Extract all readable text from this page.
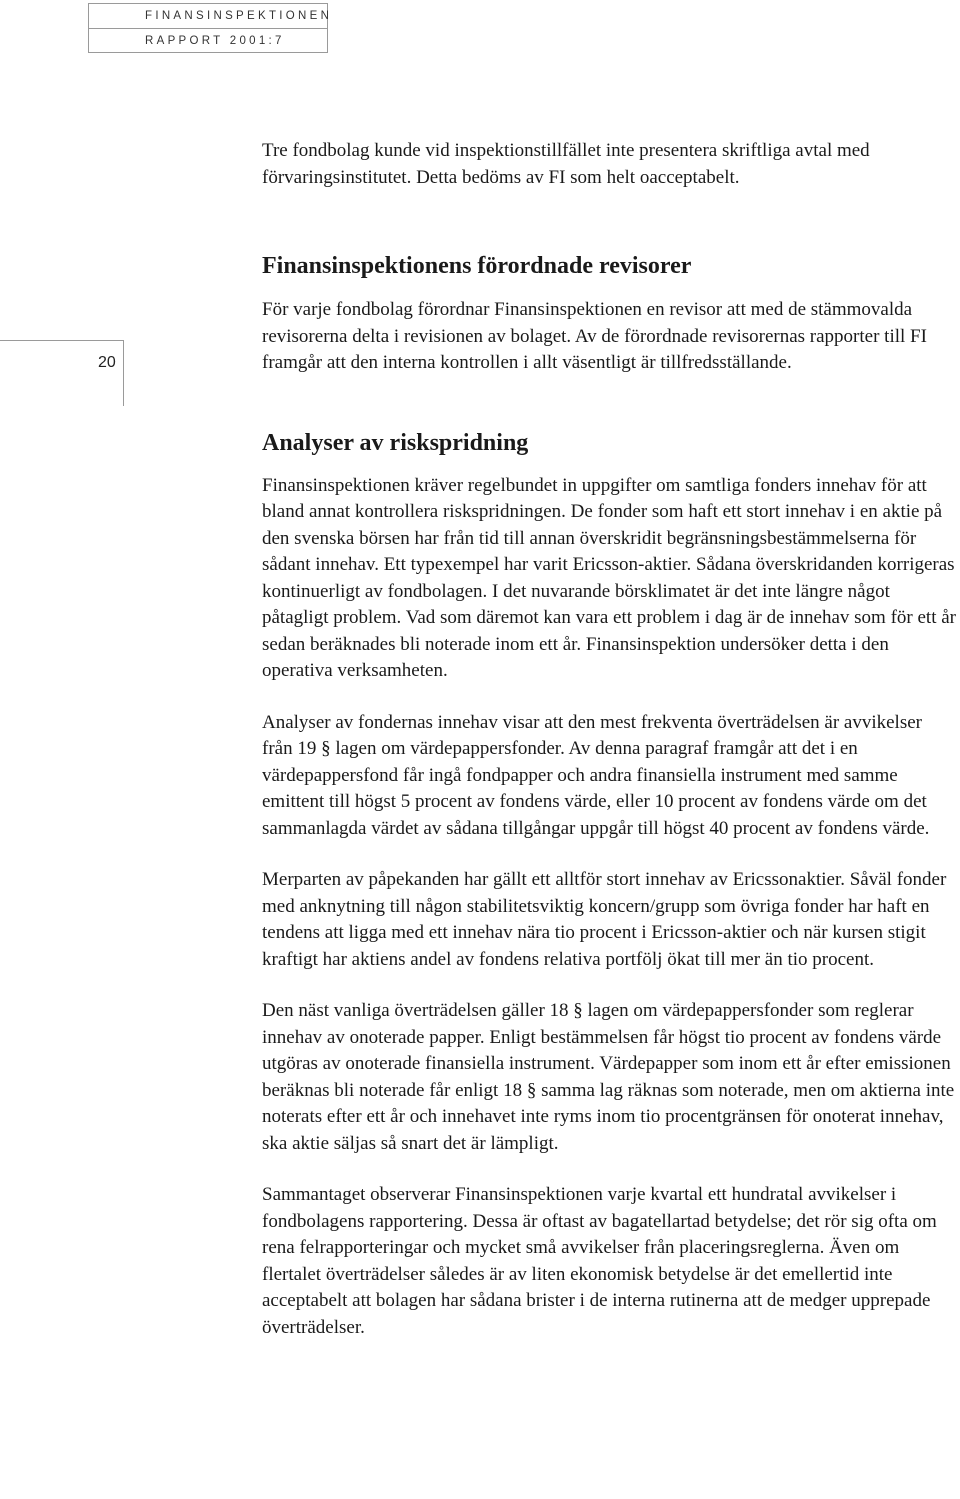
FINANSINSPEKTIONEN
RAPPORT 2001:7
20

Tre fondbolag kunde vid inspektionstillfället inte presentera skriftliga avtal med förvaringsinstitutet. Detta bedöms av FI som helt oacceptabelt.

Finansinspektionens förordnade revisorer

För varje fondbolag förordnar Finansinspektionen en revisor att med de stämmovalda revisorerna delta i revisionen av bolaget. Av de förordnade revisorernas rapporter till FI framgår att den interna kontrollen i allt väsentligt är tillfredsställande.

Analyser av riskspridning

Finansinspektionen kräver regelbundet in uppgifter om samtliga fonders innehav för att bland annat kontrollera riskspridningen. De fonder som haft ett stort innehav i en aktie på den svenska börsen har från tid till annan överskridit begränsningsbestämmelserna för sådant innehav. Ett typexempel har varit Ericsson-aktier. Sådana överskridanden korrigeras kontinuerligt av fondbolagen. I det nuvarande börsklimatet är det inte längre något påtagligt problem. Vad som däremot kan vara ett problem i dag är de innehav som för ett år sedan beräknades bli noterade inom ett år. Finansinspektion undersöker detta i den operativa verksamheten.

Analyser av fondernas innehav visar att den mest frekventa överträdelsen är avvikelser från 19 § lagen om värdepappersfonder. Av denna paragraf framgår att det i en värdepappersfond får ingå fondpapper och andra finansiella instrument med samme emittent till högst 5 procent av fondens värde, eller 10 procent av fondens värde om det sammanlagda värdet av sådana tillgångar uppgår till högst 40 procent av fondens värde.

Merparten av påpekanden har gällt ett alltför stort innehav av Ericssonaktier. Såväl fonder med anknytning till någon stabilitetsviktig koncern/grupp som övriga fonder har haft en tendens att ligga med ett innehav nära tio procent i Ericsson-aktier och när kursen stigit kraftigt har aktiens andel av fondens relativa portfölj ökat till mer än tio procent.

Den näst vanliga överträdelsen gäller 18 § lagen om värdepappersfonder som reglerar innehav av onoterade papper. Enligt bestämmelsen får högst tio procent av fondens värde utgöras av onoterade finansiella instrument. Värdepapper som inom ett år efter emissionen beräknas bli noterade får enligt 18 § samma lag räknas som noterade, men om aktierna inte noterats efter ett år och innehavet inte ryms inom tio procentgränsen för onoterat innehav, ska aktie säljas så snart det är lämpligt.

Sammantaget observerar Finansinspektionen varje kvartal ett hundratal avvikelser i fondbolagens rapportering. Dessa är oftast av bagatellartad betydelse; det rör sig ofta om rena felrapporteringar och mycket små avvikelser från placeringsreglerna. Även om flertalet överträdelser således är av liten ekonomisk betydelse är det emellertid inte acceptabelt att bolagen har sådana brister i de interna rutinerna att de medger upprepade överträdelser.
